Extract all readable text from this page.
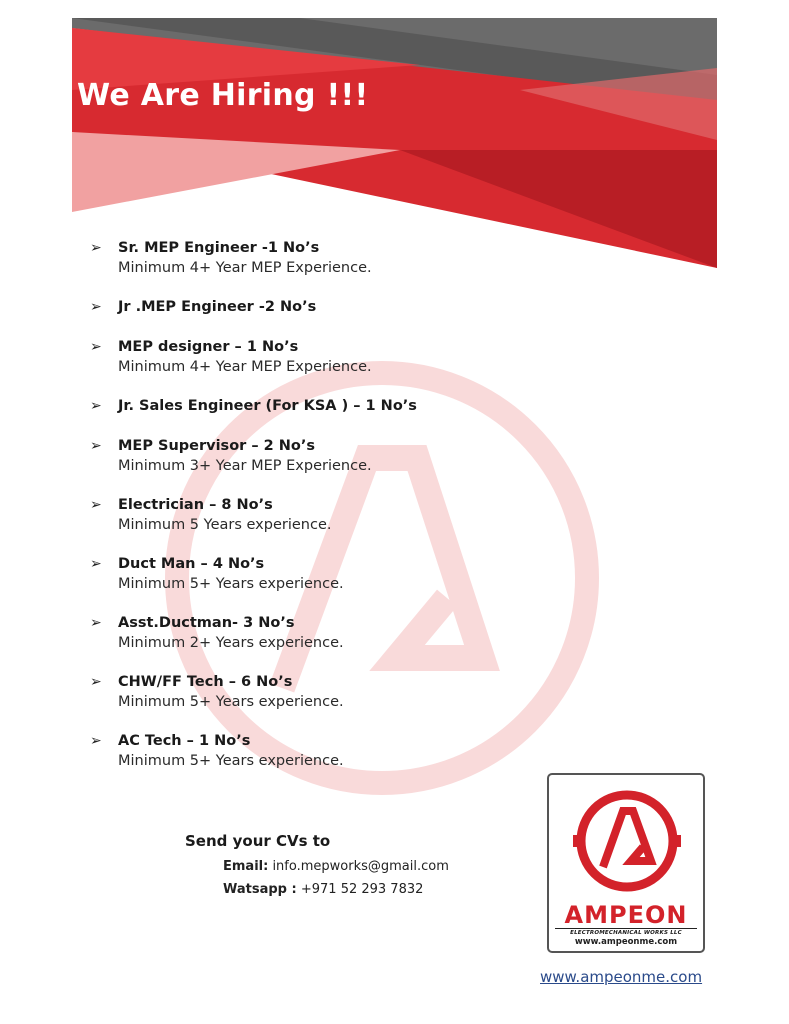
We Are Hiring !!!
➢ Sr. MEP Engineer -1 No’s
Minimum 4+ Year MEP Experience.
➢ Jr .MEP Engineer -2 No’s
➢ MEP designer – 1 No’s
Minimum 4+ Year MEP Experience.
➢ Jr. Sales Engineer (For KSA ) – 1 No’s
➢ MEP Supervisor – 2 No’s
Minimum 3+ Year MEP Experience.
➢ Electrician – 8 No’s
Minimum 5 Years experience.
➢ Duct Man – 4 No’s
Minimum 5+ Years experience.
➢ Asst.Ductman- 3 No’s
Minimum 2+ Years experience.
➢ CHW/FF Tech – 6 No’s
Minimum 5+ Years experience.
➢ AC Tech – 1 No’s
Minimum 5+ Years experience.
Send your CVs to
Email: info.mepworks@gmail.com
Watsapp : +971 52 293 7832
AMPEON
ELECTROMECHANICAL WORKS LLC
www.ampeonme.com
www.ampeonme.com
